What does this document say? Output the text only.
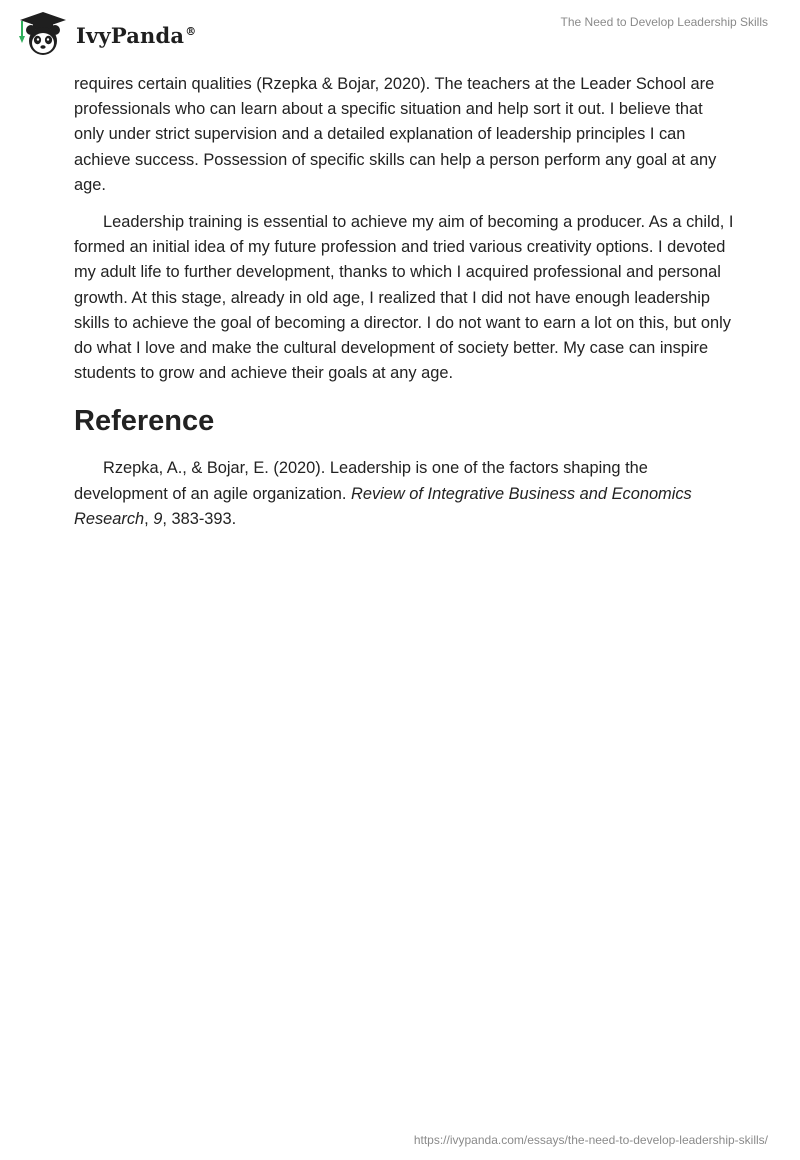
IvyPanda®
The Need to Develop Leadership Skills

requires certain qualities (Rzepka & Bojar, 2020). The teachers at the Leader School are professionals who can learn about a specific situation and help sort it out. I believe that only under strict supervision and a detailed explanation of leadership principles I can achieve success. Possession of specific skills can help a person perform any goal at any age.

Leadership training is essential to achieve my aim of becoming a producer. As a child, I formed an initial idea of my future profession and tried various creativity options. I devoted my adult life to further development, thanks to which I acquired professional and personal growth. At this stage, already in old age, I realized that I did not have enough leadership skills to achieve the goal of becoming a director. I do not want to earn a lot on this, but only do what I love and make the cultural development of society better. My case can inspire students to grow and achieve their goals at any age.

Reference

Rzepka, A., & Bojar, E. (2020). Leadership is one of the factors shaping the development of an agile organization. Review of Integrative Business and Economics Research, 9, 383-393.

https://ivypanda.com/essays/the-need-to-develop-leadership-skills/
